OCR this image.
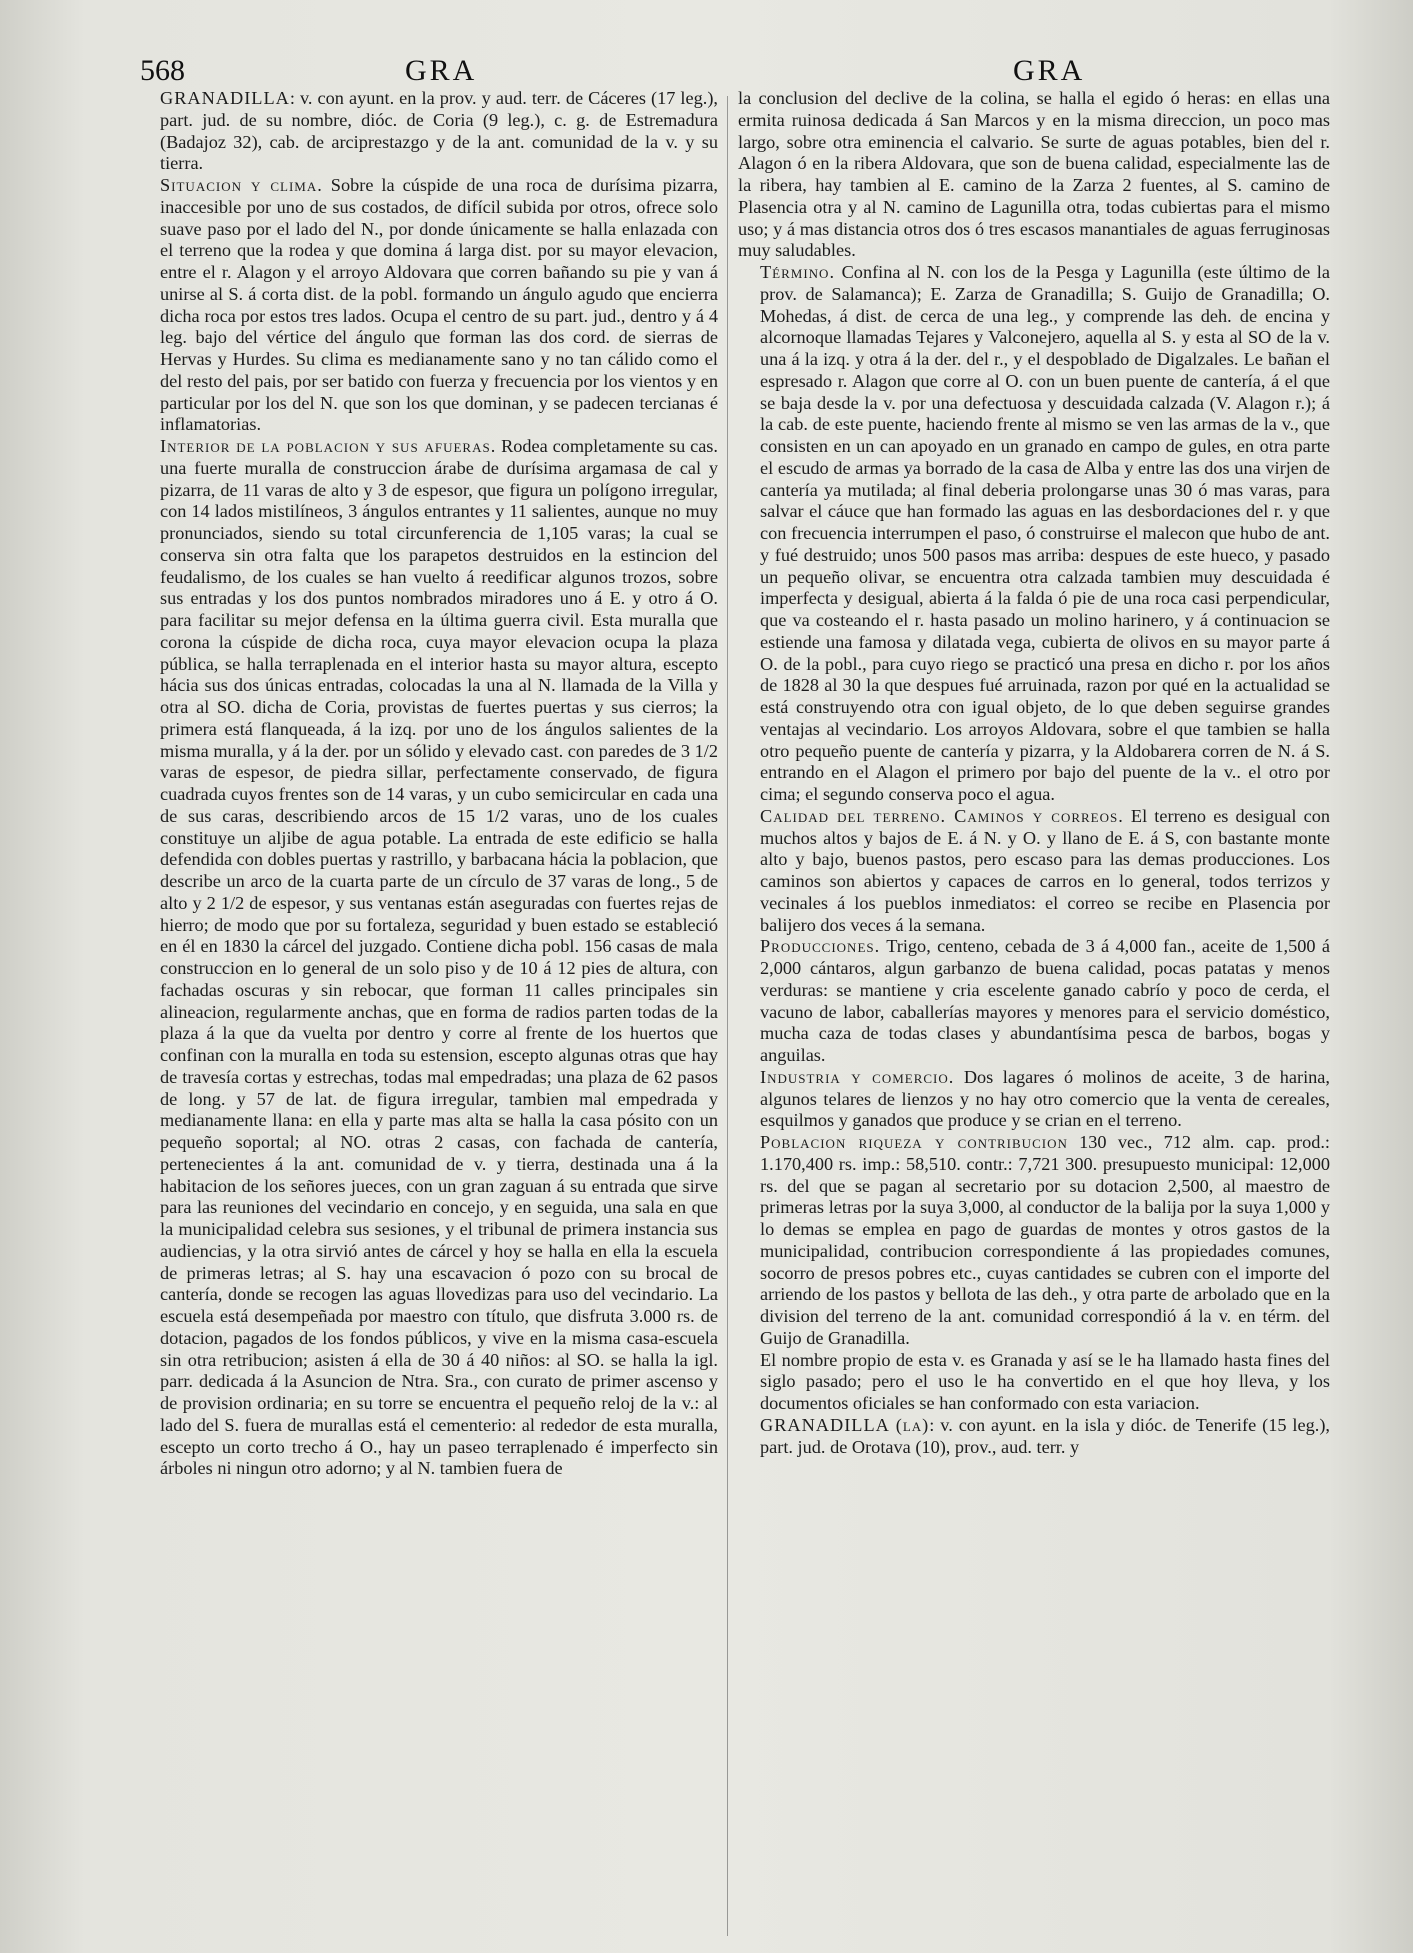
568	GRA	GRA

GRANADILLA: v. con ayunt. en la prov. y aud. terr. de Cáceres (17 leg.), part. jud. de su nombre, dióc. de Coria (9 leg.), c. g. de Estremadura (Badajoz 32), cab. de arciprestazgo y de la ant. comunidad de la v. y su tierra.

Situacion y clima. Sobre la cúspide de una roca de durísima pizarra, inaccesible por uno de sus costados, de difícil subida por otros, ofrece solo suave paso por el lado del N., por donde únicamente se halla enlazada con el terreno que la rodea y que domina á larga dist. por su mayor elevacion, entre el r. Alagon y el arroyo Aldovara que corren bañando su pie y van á unirse al S. á corta dist. de la pobl. formando un ángulo agudo que encierra dicha roca por estos tres lados. Ocupa el centro de su part. jud., dentro y á 4 leg. bajo del vértice del ángulo que forman las dos cord. de sierras de Hervas y Hurdes. Su clima es medianamente sano y no tan cálido como el del resto del pais, por ser batido con fuerza y frecuencia por los vientos y en particular por los del N. que son los que dominan, y se padecen tercianas é inflamatorias.

Interior de la poblacion y sus afueras. Rodea completamente su cas. una fuerte muralla de construccion árabe de durísima argamasa de cal y pizarra, de 11 varas de alto y 3 de espesor, que figura un polígono irregular, con 14 lados mistilíneos, 3 ángulos entrantes y 11 salientes, aunque no muy pronunciados, siendo su total circunferencia de 1,105 varas; la cual se conserva sin otra falta que los parapetos destruidos en la estincion del feudalismo, de los cuales se han vuelto á reedificar algunos trozos, sobre sus entradas y los dos puntos nombrados miradores uno á E. y otro á O. para facilitar su mejor defensa en la última guerra civil. Esta muralla que corona la cúspide de dicha roca, cuya mayor elevacion ocupa la plaza pública, se halla terraplenada en el interior hasta su mayor altura, escepto hácia sus dos únicas entradas, colocadas la una al N. llamada de la Villa y otra al SO. dicha de Coria, provistas de fuertes puertas y sus cierros; la primera está flanqueada, á la izq. por uno de los ángulos salientes de la misma muralla, y á la der. por un sólido y elevado cast. con paredes de 3 1/2 varas de espesor, de piedra sillar, perfectamente conservado, de figura cuadrada cuyos frentes son de 14 varas, y un cubo semicircular en cada una de sus caras, describiendo arcos de 15 1/2 varas, uno de los cuales constituye un aljibe de agua potable. La entrada de este edificio se halla defendida con dobles puertas y rastrillo, y barbacana hácia la poblacion, que describe un arco de la cuarta parte de un círculo de 37 varas de long., 5 de alto y 2 1/2 de espesor, y sus ventanas están aseguradas con fuertes rejas de hierro; de modo que por su fortaleza, seguridad y buen estado se estableció en él en 1830 la cárcel del juzgado. Contiene dicha pobl. 156 casas de mala construccion en lo general de un solo piso y de 10 á 12 pies de altura, con fachadas oscuras y sin rebocar, que forman 11 calles principales sin alineacion, regularmente anchas, que en forma de radios parten todas de la plaza á la que da vuelta por dentro y corre al frente de los huertos que confinan con la muralla en toda su estension, escepto algunas otras que hay de travesía cortas y estrechas, todas mal empedradas; una plaza de 62 pasos de long. y 57 de lat. de figura irregular, tambien mal empedrada y medianamente llana: en ella y parte mas alta se halla la casa pósito con un pequeño soportal; al NO. otras 2 casas, con fachada de cantería, pertenecientes á la ant. comunidad de v. y tierra, destinada una á la habitacion de los señores jueces, con un gran zaguan á su entrada que sirve para las reuniones del vecindario en concejo, y en seguida, una sala en que la municipalidad celebra sus sesiones, y el tribunal de primera instancia sus audiencias, y la otra sirvió antes de cárcel y hoy se halla en ella la escuela de primeras letras; al S. hay una escavacion ó pozo con su brocal de cantería, donde se recogen las aguas llovedizas para uso del vecindario. La escuela está desempeñada por maestro con título, que disfruta 3.000 rs. de dotacion, pagados de los fondos públicos, y vive en la misma casa-escuela sin otra retribucion; asisten á ella de 30 á 40 niños: al SO. se halla la igl. parr. dedicada á la Asuncion de Ntra. Sra., con curato de primer ascenso y de provision ordinaria; en su torre se encuentra el pequeño reloj de la v.: al lado del S. fuera de murallas está el cementerio: al rededor de esta muralla, escepto un corto trecho á O., hay un paseo terraplenado é imperfecto sin árboles ni ningun otro adorno; y al N. tambien fuera de

la conclusion del declive de la colina, se halla el egido ó heras: en ellas una ermita ruinosa dedicada á San Marcos y en la misma direccion, un poco mas largo, sobre otra eminencia el calvario. Se surte de aguas potables, bien del r. Alagon ó en la ribera Aldovara, que son de buena calidad, especialmente las de la ribera, hay tambien al E. camino de la Zarza 2 fuentes, al S. camino de Plasencia otra y al N. camino de Lagunilla otra, todas cubiertas para el mismo uso; y á mas distancia otros dos ó tres escasos manantiales de aguas ferruginosas muy saludables.

Término. Confina al N. con los de la Pesga y Lagunilla (este último de la prov. de Salamanca); E. Zarza de Granadilla; S. Guijo de Granadilla; O. Mohedas, á dist. de cerca de una leg., y comprende las deh. de encina y alcornoque llamadas Tejares y Valconejero, aquella al S. y esta al SO de la v. una á la izq. y otra á la der. del r., y el despoblado de Digalzales. Le bañan el espresado r. Alagon que corre al O. con un buen puente de cantería, á el que se baja desde la v. por una defectuosa y descuidada calzada (V. Alagon r.); á la cab. de este puente, haciendo frente al mismo se ven las armas de la v., que consisten en un can apoyado en un granado en campo de gules, en otra parte el escudo de armas ya borrado de la casa de Alba y entre las dos una virjen de cantería ya mutilada; al final deberia prolongarse unas 30 ó mas varas, para salvar el cáuce que han formado las aguas en las desbordaciones del r. y que con frecuencia interrumpen el paso, ó construirse el malecon que hubo de ant. y fué destruido; unos 500 pasos mas arriba: despues de este hueco, y pasado un pequeño olivar, se encuentra otra calzada tambien muy descuidada é imperfecta y desigual, abierta á la falda ó pie de una roca casi perpendicular, que va costeando el r. hasta pasado un molino harinero, y á continuacion se estiende una famosa y dilatada vega, cubierta de olivos en su mayor parte á O. de la pobl., para cuyo riego se practicó una presa en dicho r. por los años de 1828 al 30 la que despues fué arruinada, razon por qué en la actualidad se está construyendo otra con igual objeto, de lo que deben seguirse grandes ventajas al vecindario. Los arroyos Aldovara, sobre el que tambien se halla otro pequeño puente de cantería y pizarra, y la Aldobarera corren de N. á S. entrando en el Alagon el primero por bajo del puente de la v.. el otro por cima; el segundo conserva poco el agua.

Calidad del terreno. Caminos y correos. El terreno es desigual con muchos altos y bajos de E. á N. y O. y llano de E. á S, con bastante monte alto y bajo, buenos pastos, pero escaso para las demas producciones. Los caminos son abiertos y capaces de carros en lo general, todos terrizos y vecinales á los pueblos inmediatos: el correo se recibe en Plasencia por balijero dos veces á la semana.

Producciones. Trigo, centeno, cebada de 3 á 4,000 fan., aceite de 1,500 á 2,000 cántaros, algun garbanzo de buena calidad, pocas patatas y menos verduras: se mantiene y cria escelente ganado cabrío y poco de cerda, el vacuno de labor, caballerías mayores y menores para el servicio doméstico, mucha caza de todas clases y abundantísima pesca de barbos, bogas y anguilas.

Industria y comercio. Dos lagares ó molinos de aceite, 3 de harina, algunos telares de lienzos y no hay otro comercio que la venta de cereales, esquilmos y ganados que produce y se crian en el terreno.

Poblacion riqueza y contribucion 130 vec., 712 alm. cap. prod.: 1.170,400 rs. imp.: 58,510. contr.: 7,721 300. presupuesto municipal: 12,000 rs. del que se pagan al secretario por su dotacion 2,500, al maestro de primeras letras por la suya 3,000, al conductor de la balija por la suya 1,000 y lo demas se emplea en pago de guardas de montes y otros gastos de la municipalidad, contribucion correspondiente á las propiedades comunes, socorro de presos pobres etc., cuyas cantidades se cubren con el importe del arriendo de los pastos y bellota de las deh., y otra parte de arbolado que en la division del terreno de la ant. comunidad correspondió á la v. en térm. del Guijo de Granadilla.

El nombre propio de esta v. es Granada y así se le ha llamado hasta fines del siglo pasado; pero el uso le ha convertido en el que hoy lleva, y los documentos oficiales se han conformado con esta variacion.

GRANADILLA (la): v. con ayunt. en la isla y dióc. de Tenerife (15 leg.), part. jud. de Orotava (10), prov., aud. terr. y
